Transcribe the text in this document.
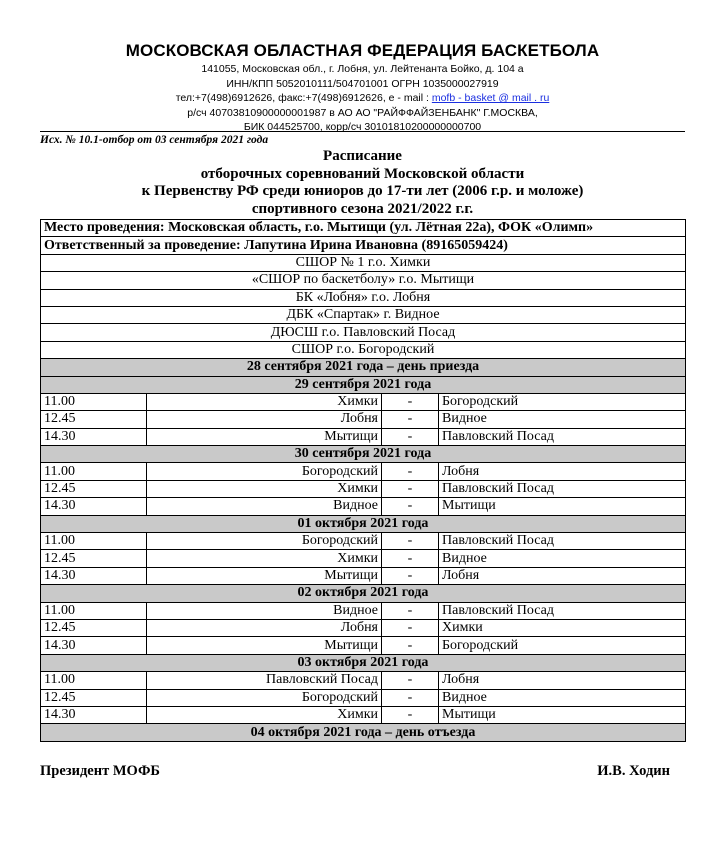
МОСКОВСКАЯ ОБЛАСТНАЯ ФЕДЕРАЦИЯ БАСКЕТБОЛА
141055, Московская обл., г. Лобня, ул. Лейтенанта Бойко, д. 104 а
ИНН/КПП 5052010111/504701001 ОГРН 1035000027919
тел:+7(498)6912626, факс:+7(498)6912626, e - mail : mofb - basket @ mail . ru
р/сч 40703810900000001987 в АО АО "РАЙФФАЙЗЕНБАНК" Г.МОСКВА,
БИК 044525700, корр/сч 30101810200000000700
Исх. № 10.1-отбор от 03 сентября 2021 года
Расписание
отборочных соревнований Московской области
к Первенству РФ среди юниоров до 17-ти лет (2006 г.р. и моложе)
спортивного сезона 2021/2022 г.г.
Место проведения: Московская область, г.о. Мытищи (ул. Лётная 22а), ФОК «Олимп»			
Ответственный за проведение: Лапутина Ирина Ивановна (89165059424)			
СШОР № 1 г.о. Химки			
«СШОР по баскетболу» г.о. Мытищи			
БК «Лобня» г.о. Лобня			
ДБК «Спартак» г. Видное			
ДЮСШ г.о. Павловский Посад			
СШОР г.о. Богородский			
28 сентября 2021 года – день приезда			
29 сентября 2021 года			
11.00	Химки	-	Богородский
12.45	Лобня	-	Видное
14.30	Мытищи	-	Павловский Посад
30 сентября 2021 года			
11.00	Богородский	-	Лобня
12.45	Химки	-	Павловский Посад
14.30	Видное	-	Мытищи
01 октября 2021 года			
11.00	Богородский	-	Павловский Посад
12.45	Химки	-	Видное
14.30	Мытищи	-	Лобня
02 октября 2021 года			
11.00	Видное	-	Павловский Посад
12.45	Лобня	-	Химки
14.30	Мытищи	-	Богородский
03 октября 2021 года			
11.00	Павловский Посад	-	Лобня
12.45	Богородский	-	Видное
14.30	Химки	-	Мытищи
04 октября 2021 года – день отъезда			
Президент МОФБ	И.В. Ходин
